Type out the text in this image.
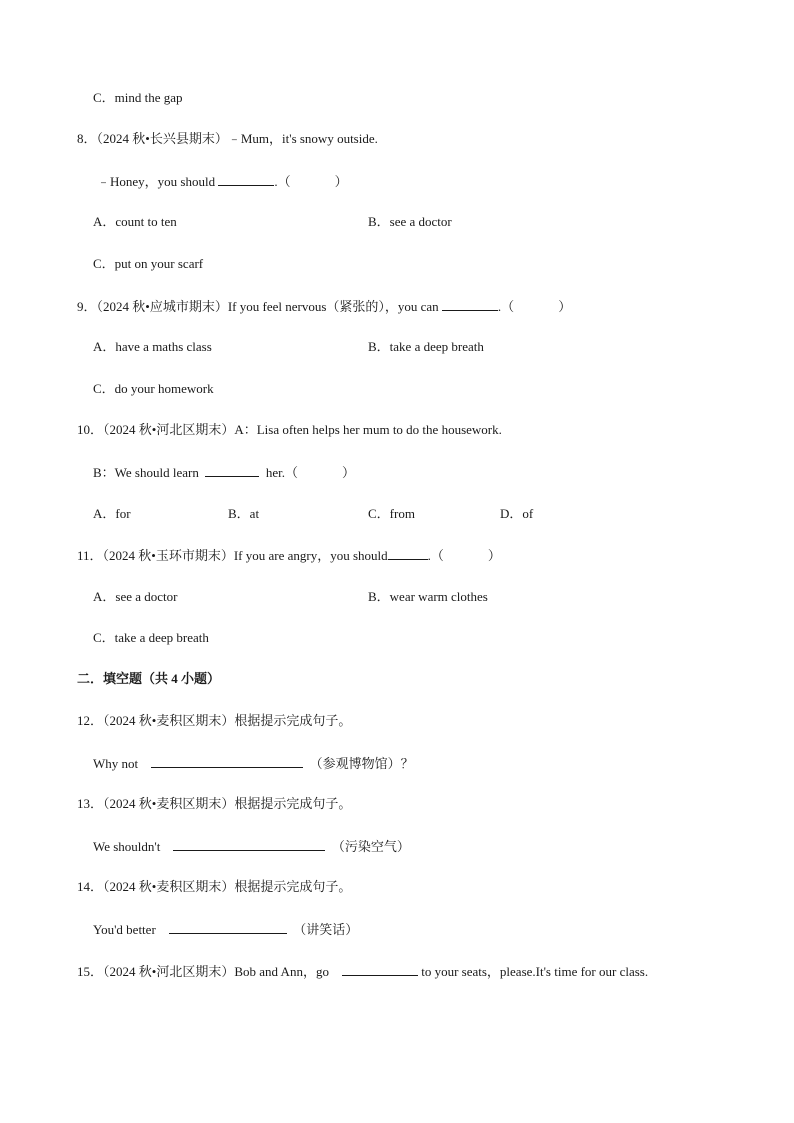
C．mind the gap
8．（2024 秋•长兴县期末）﹣Mum，it's snowy outside.
﹣Honey，you should	.（	）
A．count to ten	B．see a doctor
C．put on your scarf
9．（2024 秋•应城市期末）If you feel nervous（紧张的），you can	.（	）
A．have a maths class	B．take a deep breath
C．do your homework
10．（2024 秋•河北区期末）A：Lisa often helps her mum to do the housework.
B：We should learn	her.（	）
A．for	B．at	C．from	D．of
11．（2024 秋•玉环市期末）If you are angry，you should	.（	）
A．see a doctor	B．wear warm clothes
C．take a deep breath
二．填空题（共 4 小题）
12．（2024 秋•麦积区期末）根据提示完成句子。
Why not	（参观博物馆）？
13．（2024 秋•麦积区期末）根据提示完成句子。
We shouldn't	（污染空气）
14．（2024 秋•麦积区期末）根据提示完成句子。
You'd better	（讲笑话）
15．（2024 秋•河北区期末）Bob and Ann，go	to your seats，please.It's time for our class.
